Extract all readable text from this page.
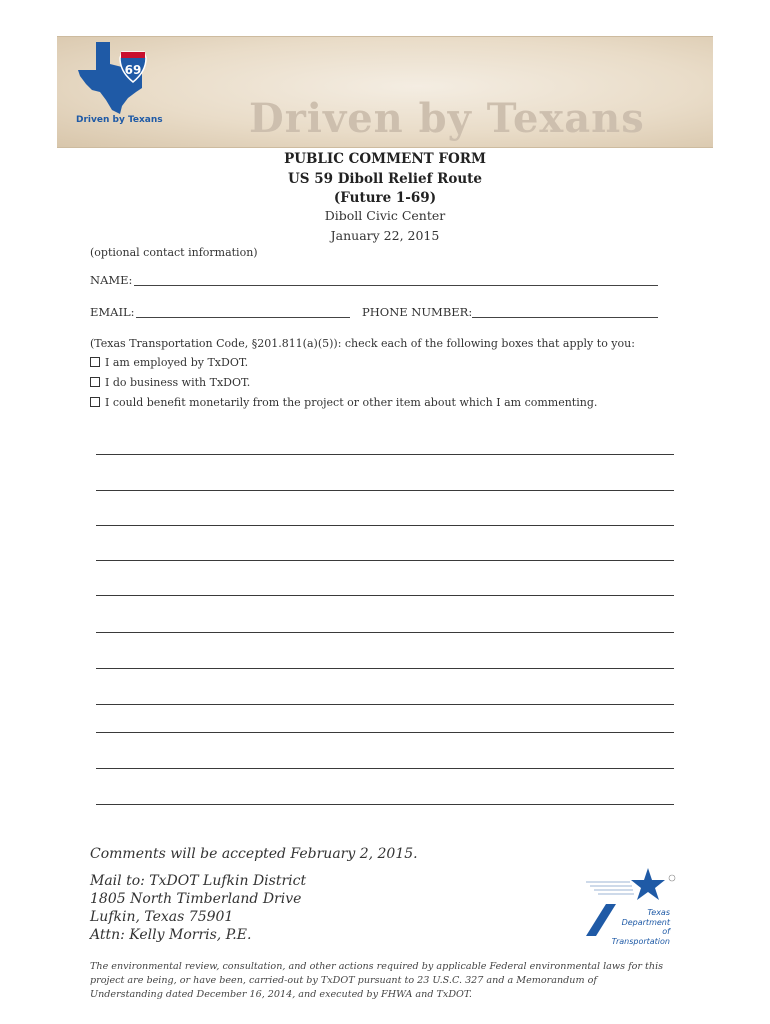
Driven by Texans
69
Driven by Texans
PUBLIC COMMENT FORM
US 59 Diboll Relief Route
(Future 1-69)
Diboll Civic Center
January 22, 2015
(optional contact information)
NAME:
EMAIL:	PHONE NUMBER:
(Texas Transportation Code, §201.811(a)(5)): check each of the following boxes that apply to you:
I am employed by TxDOT.
I do business with TxDOT.
I could benefit monetarily from the project or other item about which I am commenting.
Comments will be accepted February 2, 2015.
Mail to: TxDOT Lufkin District
1805 North Timberland Drive
Lufkin, Texas 75901
Attn: Kelly Morris, P.E.
Texas
Department
of Transportation
The environmental review, consultation, and other actions required by applicable Federal environmental laws for this project are being, or have been, carried-out by TxDOT pursuant to 23 U.S.C. 327 and a Memorandum of Understanding dated December 16, 2014, and executed by FHWA and TxDOT.
